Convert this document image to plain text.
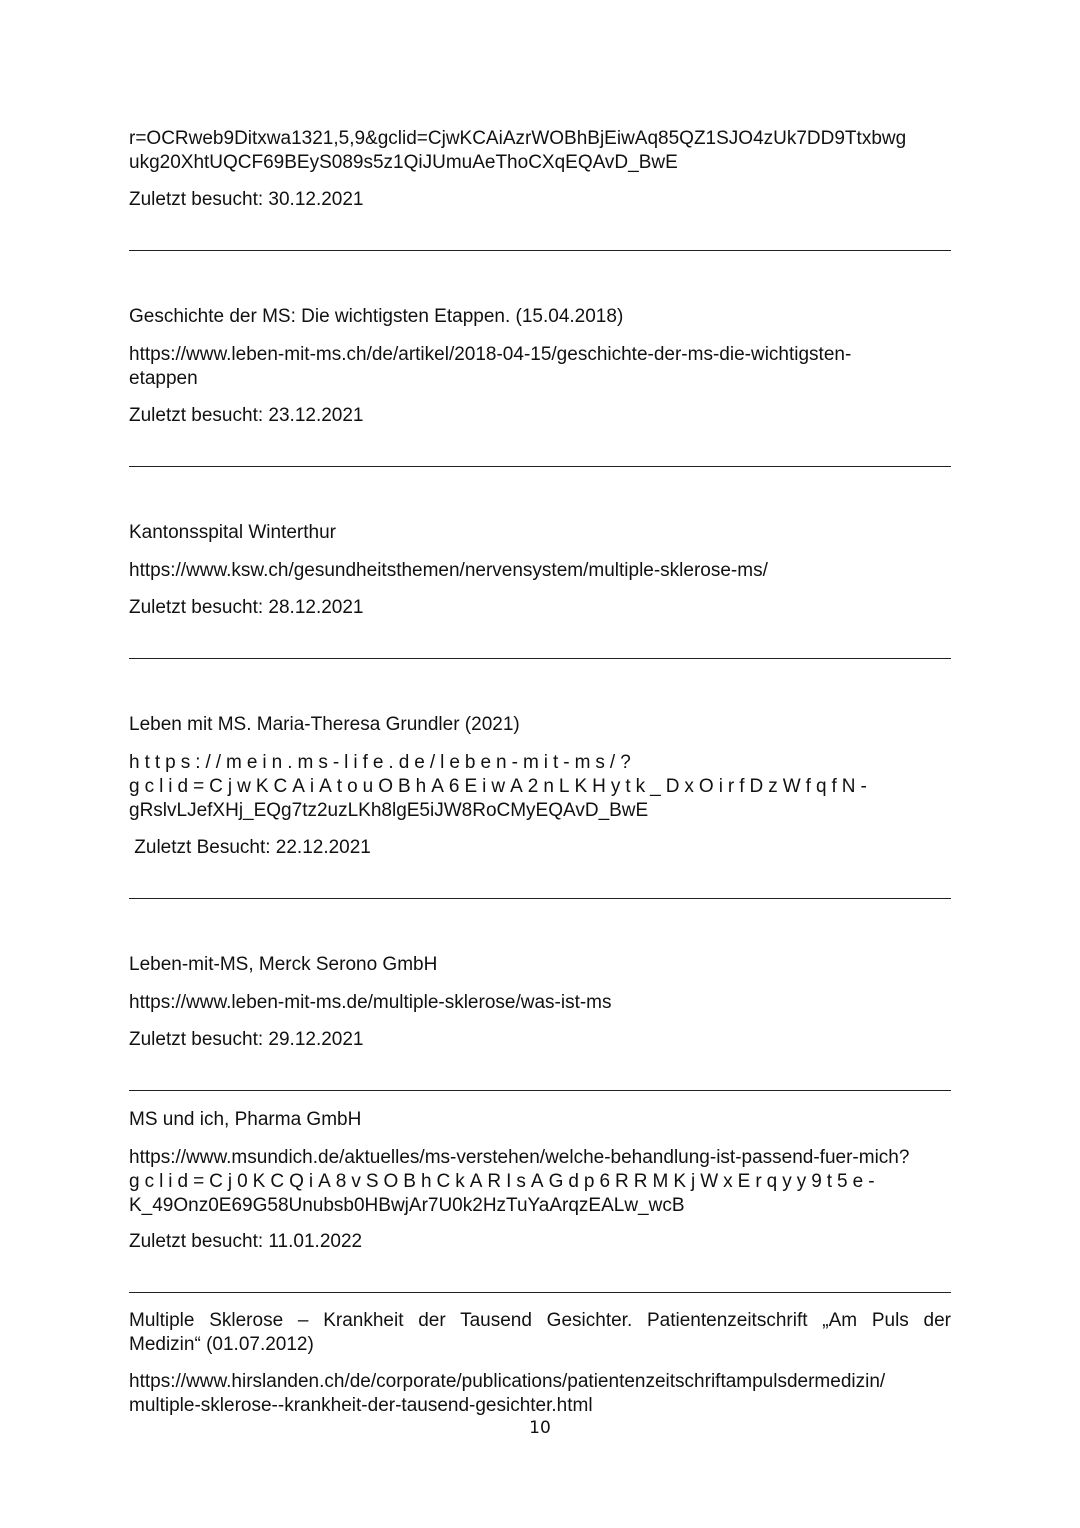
r=OCRweb9Ditxwa1321,5,9&gclid=CjwKCAiAzrWOBhBjEiwAq85QZ1SJO4zUk7DD9Ttxbwg
ukg20XhtUQCF69BEyS089s5z1QiJUmuAeThoCXqEQAvD_BwE
Zuletzt besucht: 30.12.2021
Geschichte der MS: Die wichtigsten Etappen. (15.04.2018)
https://www.leben-mit-ms.ch/de/artikel/2018-04-15/geschichte-der-ms-die-wichtigsten-
etappen
Zuletzt besucht: 23.12.2021
Kantonsspital Winterthur
https://www.ksw.ch/gesundheitsthemen/nervensystem/multiple-sklerose-ms/
Zuletzt besucht: 28.12.2021
Leben mit MS. Maria-Theresa Grundler (2021)
https://mein.ms-life.de/leben-mit-ms/?
gclid=CjwKCAiAtouOBhA6EiwA2nLKHytk_DxOirfDzWfqfN-
gRslvLJefXHj_EQg7tz2uzLKh8lgE5iJW8RoCMyEQAvD_BwE
Zuletzt Besucht: 22.12.2021
Leben-mit-MS, Merck Serono GmbH
https://www.leben-mit-ms.de/multiple-sklerose/was-ist-ms
Zuletzt besucht: 29.12.2021
MS und ich, Pharma GmbH
https://www.msundich.de/aktuelles/ms-verstehen/welche-behandlung-ist-passend-fuer-mich?
gclid=Cj0KCQiA8vSOBhCkARIsAGdp6RRMKjWxErqyy9t5e-
K_49Onz0E69G58Unubsb0HBwjAr7U0k2HzTuYaArqzEALw_wcB
Zuletzt besucht: 11.01.2022
Multiple Sklerose – Krankheit der Tausend Gesichter. Patientenzeitschrift „Am Puls der
Medizin“ (01.07.2012)
https://www.hirslanden.ch/de/corporate/publications/patientenzeitschriftampulsdermedizin/
multiple-sklerose--krankheit-der-tausend-gesichter.html
10
